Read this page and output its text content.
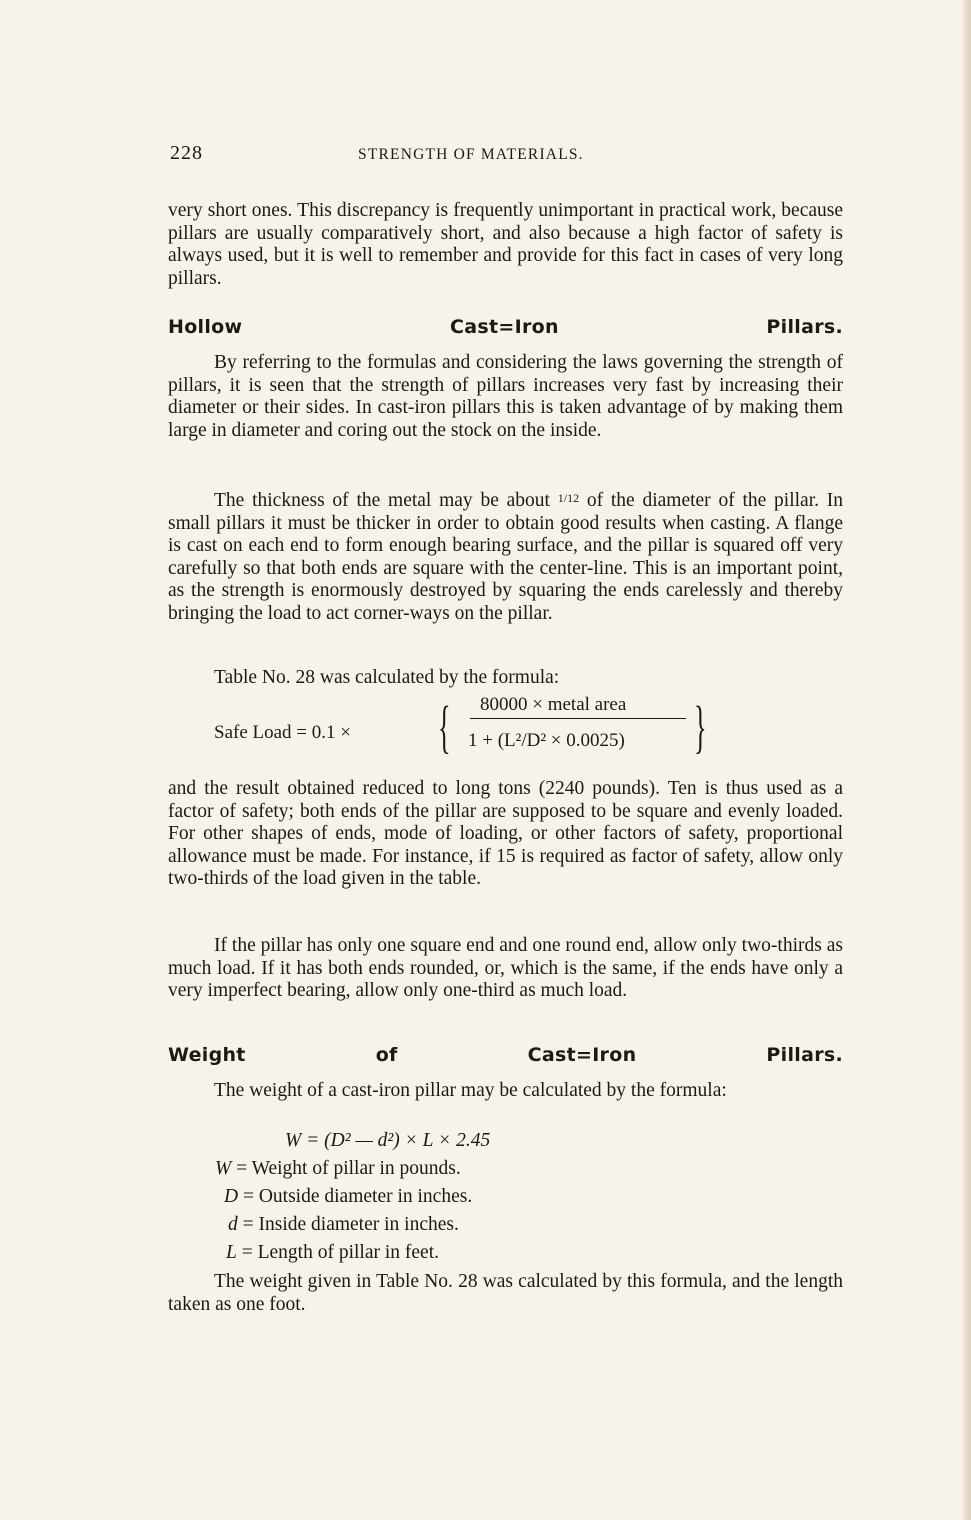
228	STRENGTH OF MATERIALS.

very short ones. This discrepancy is frequently unimportant in practical work, because pillars are usually comparatively short, and also because a high factor of safety is always used, but it is well to remember and provide for this fact in cases of very long pillars.

Hollow Cast=Iron Pillars.

By referring to the formulas and considering the laws governing the strength of pillars, it is seen that the strength of pillars increases very fast by increasing their diameter or their sides. In cast-iron pillars this is taken advantage of by making them large in diameter and coring out the stock on the inside.

The thickness of the metal may be about $^{1/12}$ of the diameter of the pillar. In small pillars it must be thicker in order to obtain good results when casting. A flange is cast on each end to form enough bearing surface, and the pillar is squared off very carefully so that both ends are square with the center-line. This is an important point, as the strength is enormously destroyed by squaring the ends carelessly and thereby bringing the load to act corner-ways on the pillar.

Table No. 28 was calculated by the formula:

Safe Load = 0.1 × { 80000 × metal area
1 + (L²/D² × 0.0025) }

and the result obtained reduced to long tons (2240 pounds). Ten is thus used as a factor of safety; both ends of the pillar are supposed to be square and evenly loaded. For other shapes of ends, mode of loading, or other factors of safety, proportional allowance must be made. For instance, if 15 is required as factor of safety, allow only two-thirds of the load given in the table.

If the pillar has only one square end and one round end, allow only two-thirds as much load. If it has both ends rounded, or, which is the same, if the ends have only a very imperfect bearing, allow only one-third as much load.

Weight of Cast=Iron Pillars.

The weight of a cast-iron pillar may be calculated by the formula:

W = (D² — d²) × L × 2.45
W = Weight of pillar in pounds.
D = Outside diameter in inches.
d = Inside diameter in inches.
L = Length of pillar in feet.

The weight given in Table No. 28 was calculated by this formula, and the length taken as one foot.
